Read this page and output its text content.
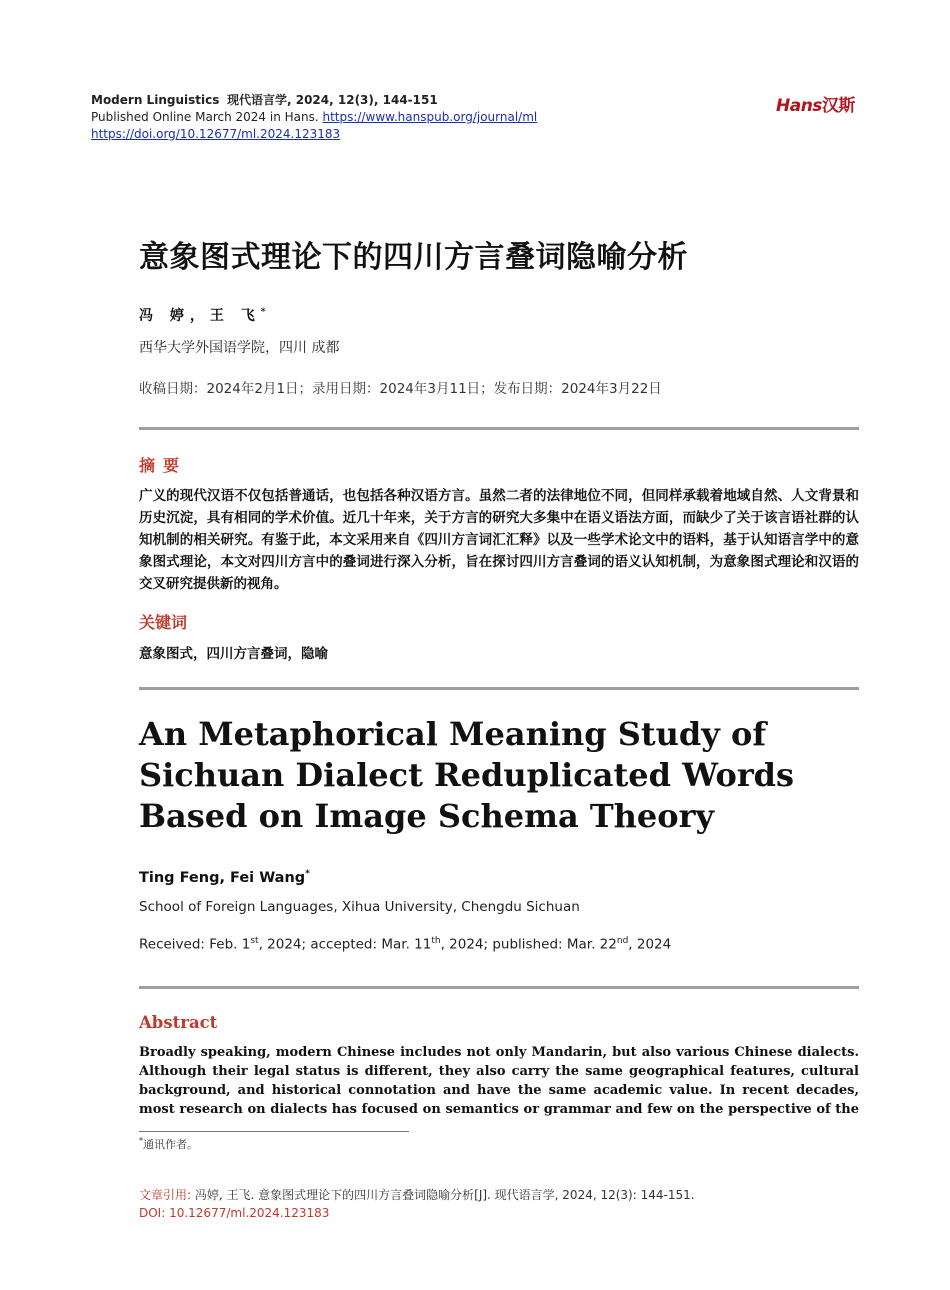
Modern Linguistics 现代语言学, 2024, 12(3), 144-151
Published Online March 2024 in Hans. https://www.hanspub.org/journal/ml
https://doi.org/10.12677/ml.2024.123183
Hans汉斯
意象图式理论下的四川方言叠词隐喻分析
冯 婷，王 飞*
西华大学外国语学院，四川 成都
收稿日期：2024年2月1日；录用日期：2024年3月11日；发布日期：2024年3月22日
摘要
广义的现代汉语不仅包括普通话，也包括各种汉语方言。虽然二者的法律地位不同，但同样承载着地域自然、人文背景和历史沉淀，具有相同的学术价值。近几十年来，关于方言的研究大多集中在语义语法方面，而缺少了关于该言语社群的认知机制的相关研究。有鉴于此，本文采用来自《四川方言词汇汇释》以及一些学术论文中的语料，基于认知语言学中的意象图式理论，本文对四川方言中的叠词进行深入分析，旨在探讨四川方言叠词的语义认知机制，为意象图式理论和汉语的交叉研究提供新的视角。
关键词
意象图式，四川方言叠词，隐喻
An Metaphorical Meaning Study of Sichuan Dialect Reduplicated Words Based on Image Schema Theory
Ting Feng, Fei Wang*
School of Foreign Languages, Xihua University, Chengdu Sichuan
Received: Feb. 1st, 2024; accepted: Mar. 11th, 2024; published: Mar. 22nd, 2024
Abstract
Broadly speaking, modern Chinese includes not only Mandarin, but also various Chinese dialects. Although their legal status is different, they also carry the same geographical features, cultural background, and historical connotation and have the same academic value. In recent decades, most research on dialects has focused on semantics or grammar and few on the perspective of the
*通讯作者。
文章引用: 冯婷, 王飞. 意象图式理论下的四川方言叠词隐喻分析[J]. 现代语言学, 2024, 12(3): 144-151.
DOI: 10.12677/ml.2024.123183
